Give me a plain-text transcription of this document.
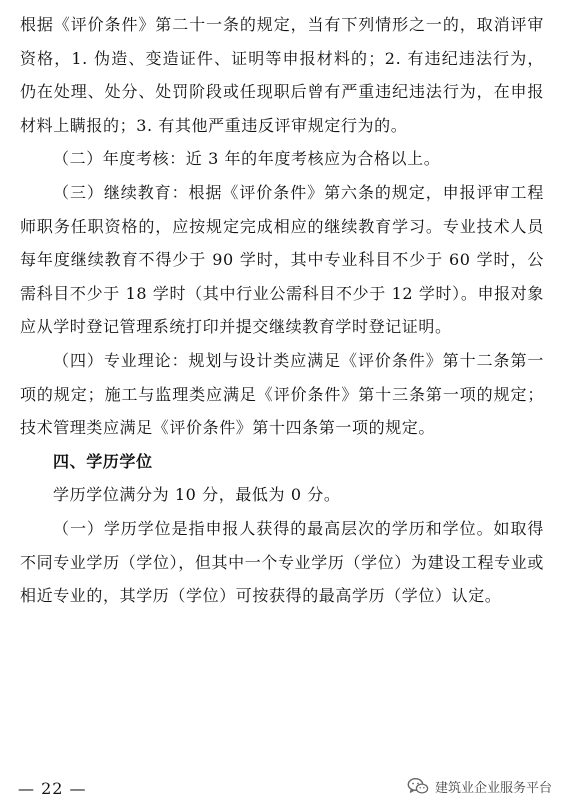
根据《评价条件》第二十一条的规定，当有下列情形之一的，取消评审资格，1. 伪造、变造证件、证明等申报材料的；2. 有违纪违法行为，仍在处理、处分、处罚阶段或任现职后曾有严重违纪违法行为，在申报材料上瞒报的；3. 有其他严重违反评审规定行为的。

（二）年度考核：近 3 年的年度考核应为合格以上。

（三）继续教育：根据《评价条件》第六条的规定，申报评审工程师职务任职资格的，应按规定完成相应的继续教育学习。专业技术人员每年度继续教育不得少于 90 学时，其中专业科目不少于 60 学时，公需科目不少于 18 学时（其中行业公需科目不少于 12 学时）。申报对象应从学时登记管理系统打印并提交继续教育学时登记证明。

（四）专业理论：规划与设计类应满足《评价条件》第十二条第一项的规定；施工与监理类应满足《评价条件》第十三条第一项的规定；技术管理类应满足《评价条件》第十四条第一项的规定。

四、学历学位

学历学位满分为 10 分，最低为 0 分。

（一）学历学位是指申报人获得的最高层次的学历和学位。如取得不同专业学历（学位），但其中一个专业学历（学位）为建设工程专业或相近专业的，其学历（学位）可按获得的最高学历（学位）认定。

— 22 —	建筑业企业服务平台
